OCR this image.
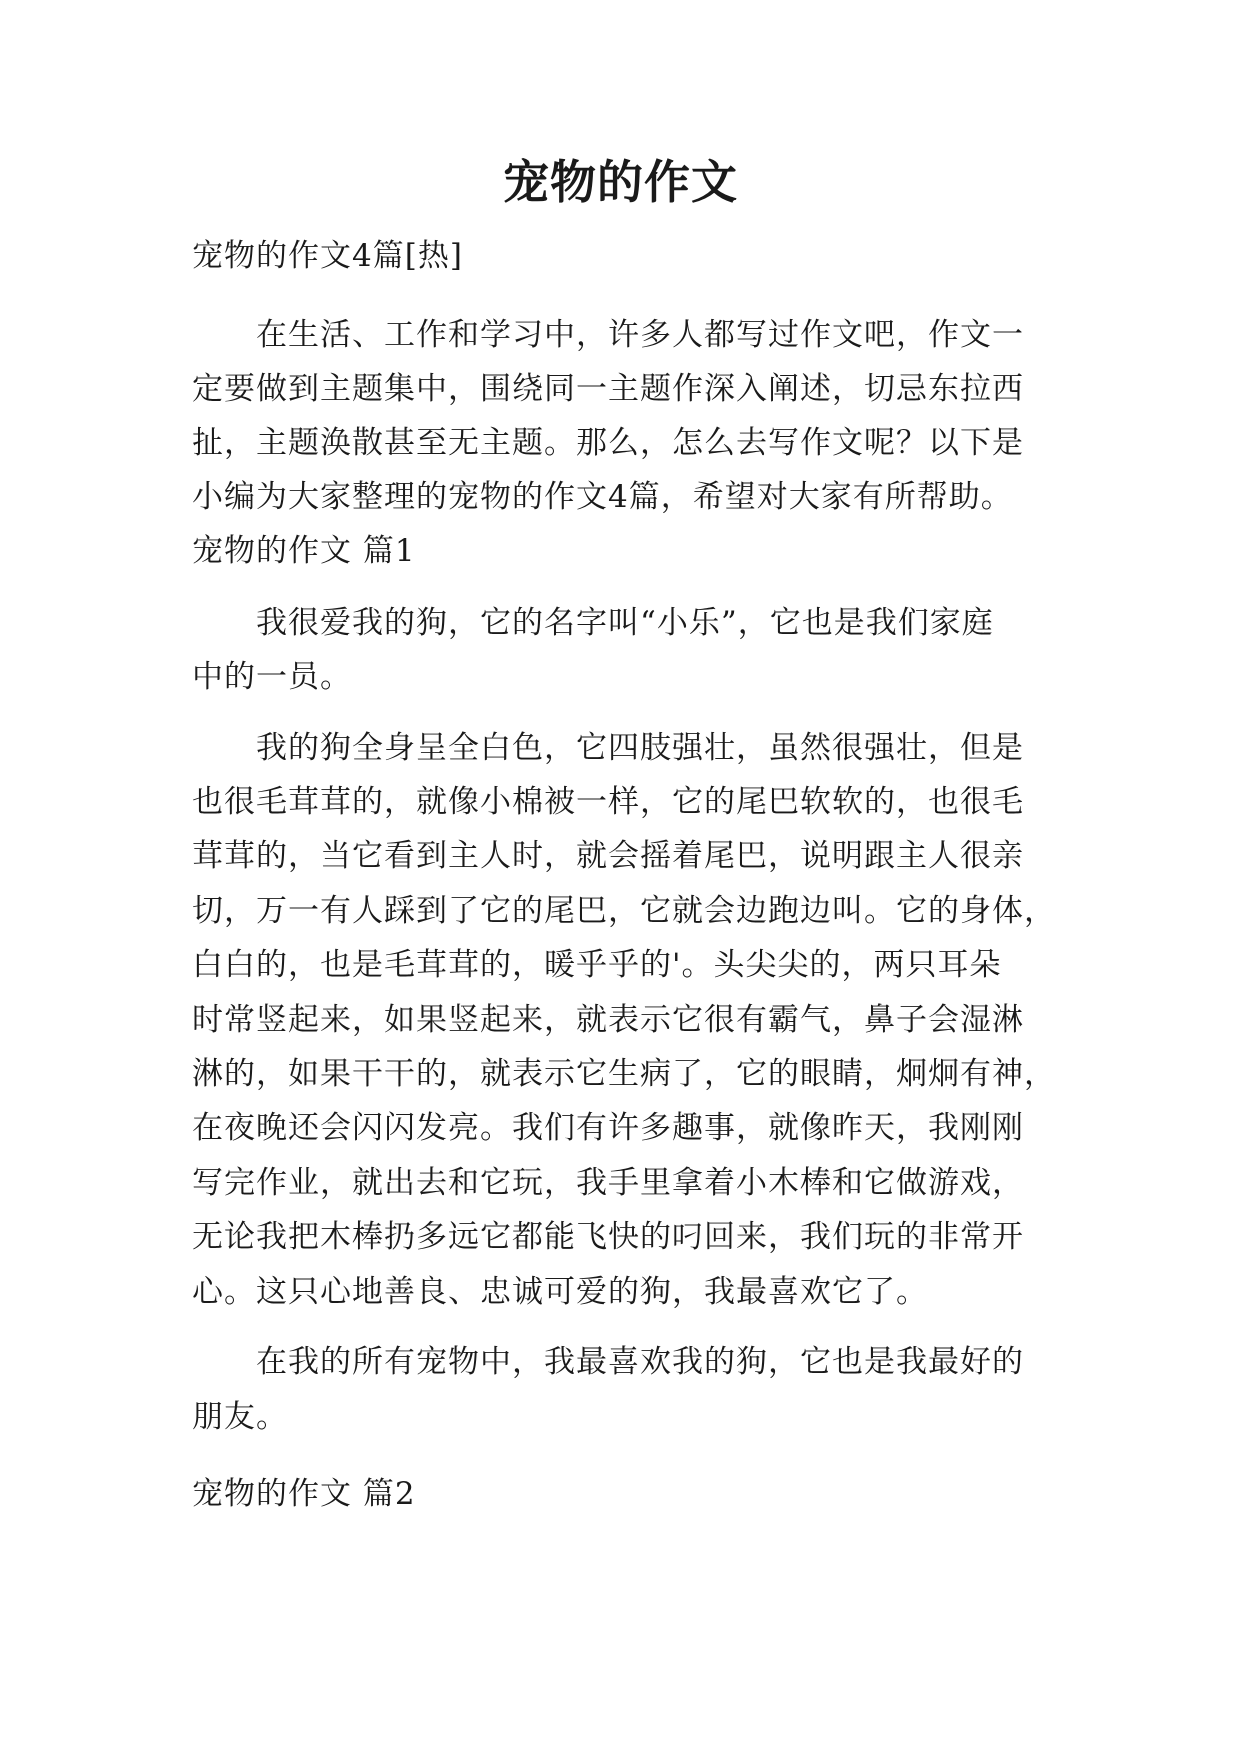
宠物的作文
宠物的作文4篇[热]
在生活、工作和学习中，许多人都写过作文吧，作文一
定要做到主题集中，围绕同一主题作深入阐述，切忌东拉西
扯，主题涣散甚至无主题。那么，怎么去写作文呢？以下是
小编为大家整理的宠物的作文4篇，希望对大家有所帮助。
宠物的作文 篇1
我很爱我的狗，它的名字叫“小乐”，它也是我们家庭
中的一员。
我的狗全身呈全白色，它四肢强壮，虽然很强壮，但是
也很毛茸茸的，就像小棉被一样，它的尾巴软软的，也很毛
茸茸的，当它看到主人时，就会摇着尾巴，说明跟主人很亲
切，万一有人踩到了它的尾巴，它就会边跑边叫。它的身体，
白白的，也是毛茸茸的，暖乎乎的'。头尖尖的，两只耳朵
时常竖起来，如果竖起来，就表示它很有霸气，鼻子会湿淋
淋的，如果干干的，就表示它生病了，它的眼睛，炯炯有神，
在夜晚还会闪闪发亮。我们有许多趣事，就像昨天，我刚刚
写完作业，就出去和它玩，我手里拿着小木棒和它做游戏，
无论我把木棒扔多远它都能飞快的叼回来，我们玩的非常开
心。这只心地善良、忠诚可爱的狗，我最喜欢它了。
在我的所有宠物中，我最喜欢我的狗，它也是我最好的
朋友。
宠物的作文 篇2
